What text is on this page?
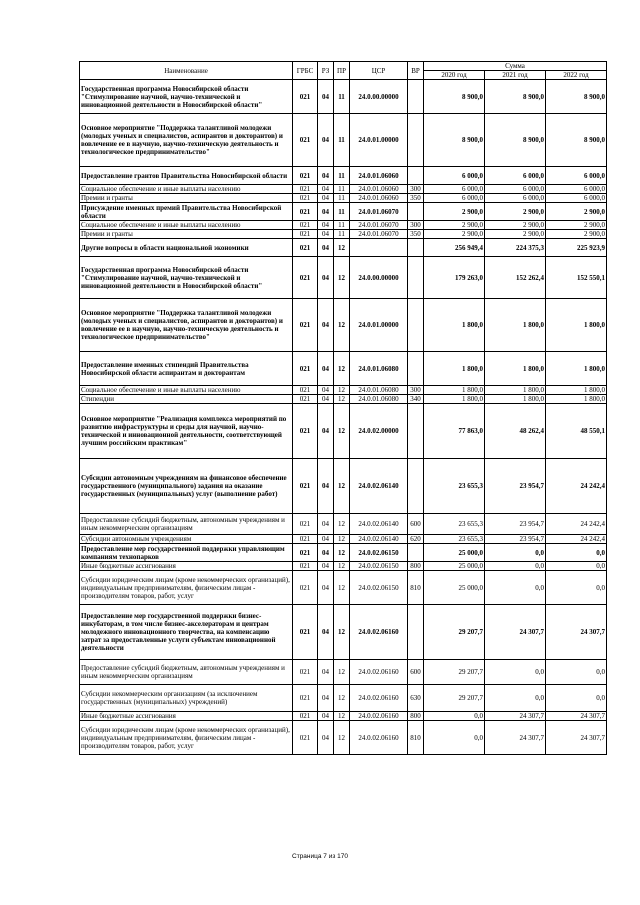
Наименование	ГРБС	РЗ	ПР	ЦСР	ВР	Сумма		
						2020 год	2021 год	2022 год
Государственная программа Новосибирской области "Стимулирование научной, научно-технической и инновационной деятельности в Новосибирской области"	021	04	11	24.0.00.00000		8 900,0	8 900,0	8 900,0
Основное мероприятие "Поддержка талантливой молодежи (молодых ученых и специалистов, аспирантов и докторантов) и вовлечение ее в научную, научно-техническую деятельность и технологическое предпринимательство"	021	04	11	24.0.01.00000		8 900,0	8 900,0	8 900,0
Предоставление грантов Правительства Новосибирской области	021	04	11	24.0.01.06060		6 000,0	6 000,0	6 000,0
Социальное обеспечение и иные выплаты населению	021	04	11	24.0.01.06060	300	6 000,0	6 000,0	6 000,0
Премии и гранты	021	04	11	24.0.01.06060	350	6 000,0	6 000,0	6 000,0
Присуждение именных премий Правительства Новосибирской области	021	04	11	24.0.01.06070		2 900,0	2 900,0	2 900,0
Социальное обеспечение и иные выплаты населению	021	04	11	24.0.01.06070	300	2 900,0	2 900,0	2 900,0
Премии и гранты	021	04	11	24.0.01.06070	350	2 900,0	2 900,0	2 900,0
Другие вопросы в области национальной экономики	021	04	12			256 949,4	224 375,3	225 923,9
Государственная программа Новосибирской области "Стимулирование научной, научно-технической и инновационной деятельности в Новосибирской области"	021	04	12	24.0.00.00000		179 263,0	152 262,4	152 550,1
Основное мероприятие "Поддержка талантливой молодежи (молодых ученых и специалистов, аспирантов и докторантов) и вовлечение ее в научную, научно-техническую деятельность и технологическое предпринимательство"	021	04	12	24.0.01.00000		1 800,0	1 800,0	1 800,0
Предоставление именных стипендий Правительства Новосибирской области аспирантам и докторантам	021	04	12	24.0.01.06080		1 800,0	1 800,0	1 800,0
Социальное обеспечение и иные выплаты населению	021	04	12	24.0.01.06080	300	1 800,0	1 800,0	1 800,0
Стипендии	021	04	12	24.0.01.06080	340	1 800,0	1 800,0	1 800,0
Основное мероприятие "Реализация комплекса мероприятий по развитию инфраструктуры и среды для научной, научно-технической и инновационной деятельности, соответствующей лучшим российским практикам"	021	04	12	24.0.02.00000		77 863,0	48 262,4	48 550,1
Субсидии автономным учреждениям на финансовое обеспечение государственного (муниципального) задания на оказание государственных (муниципальных) услуг (выполнение работ)	021	04	12	24.0.02.06140		23 655,3	23 954,7	24 242,4
Предоставление субсидий бюджетным, автономным учреждениям и иным некоммерческим организациям	021	04	12	24.0.02.06140	600	23 655,3	23 954,7	24 242,4
Субсидии автономным учреждениям	021	04	12	24.0.02.06140	620	23 655,3	23 954,7	24 242,4
Предоставление мер государственной поддержки управляющим компаниям технопарков	021	04	12	24.0.02.06150		25 000,0	0,0	0,0
Иные бюджетные ассигнования	021	04	12	24.0.02.06150	800	25 000,0	0,0	0,0
Субсидии юридическим лицам (кроме некоммерческих организаций), индивидуальным предпринимателям, физическим лицам - производителям товаров, работ, услуг	021	04	12	24.0.02.06150	810	25 000,0	0,0	0,0
Предоставление мер государственной поддержки бизнес-инкубаторам, в том числе бизнес-акселераторам и центрам молодежного инновационного творчества, на компенсацию затрат за предоставленные услуги субъектам инновационной деятельности	021	04	12	24.0.02.06160		29 207,7	24 307,7	24 307,7
Предоставление субсидий бюджетным, автономным учреждениям и иным некоммерческим организациям	021	04	12	24.0.02.06160	600	29 207,7	0,0	0,0
Субсидии некоммерческим организациям (за исключением государственных (муниципальных) учреждений)	021	04	12	24.0.02.06160	630	29 207,7	0,0	0,0
Иные бюджетные ассигнования	021	04	12	24.0.02.06160	800	0,0	24 307,7	24 307,7
Субсидии юридическим лицам (кроме некоммерческих организаций), индивидуальным предпринимателям, физическим лицам - производителям товаров, работ, услуг	021	04	12	24.0.02.06160	810	0,0	24 307,7	24 307,7
Страница 7 из 170
